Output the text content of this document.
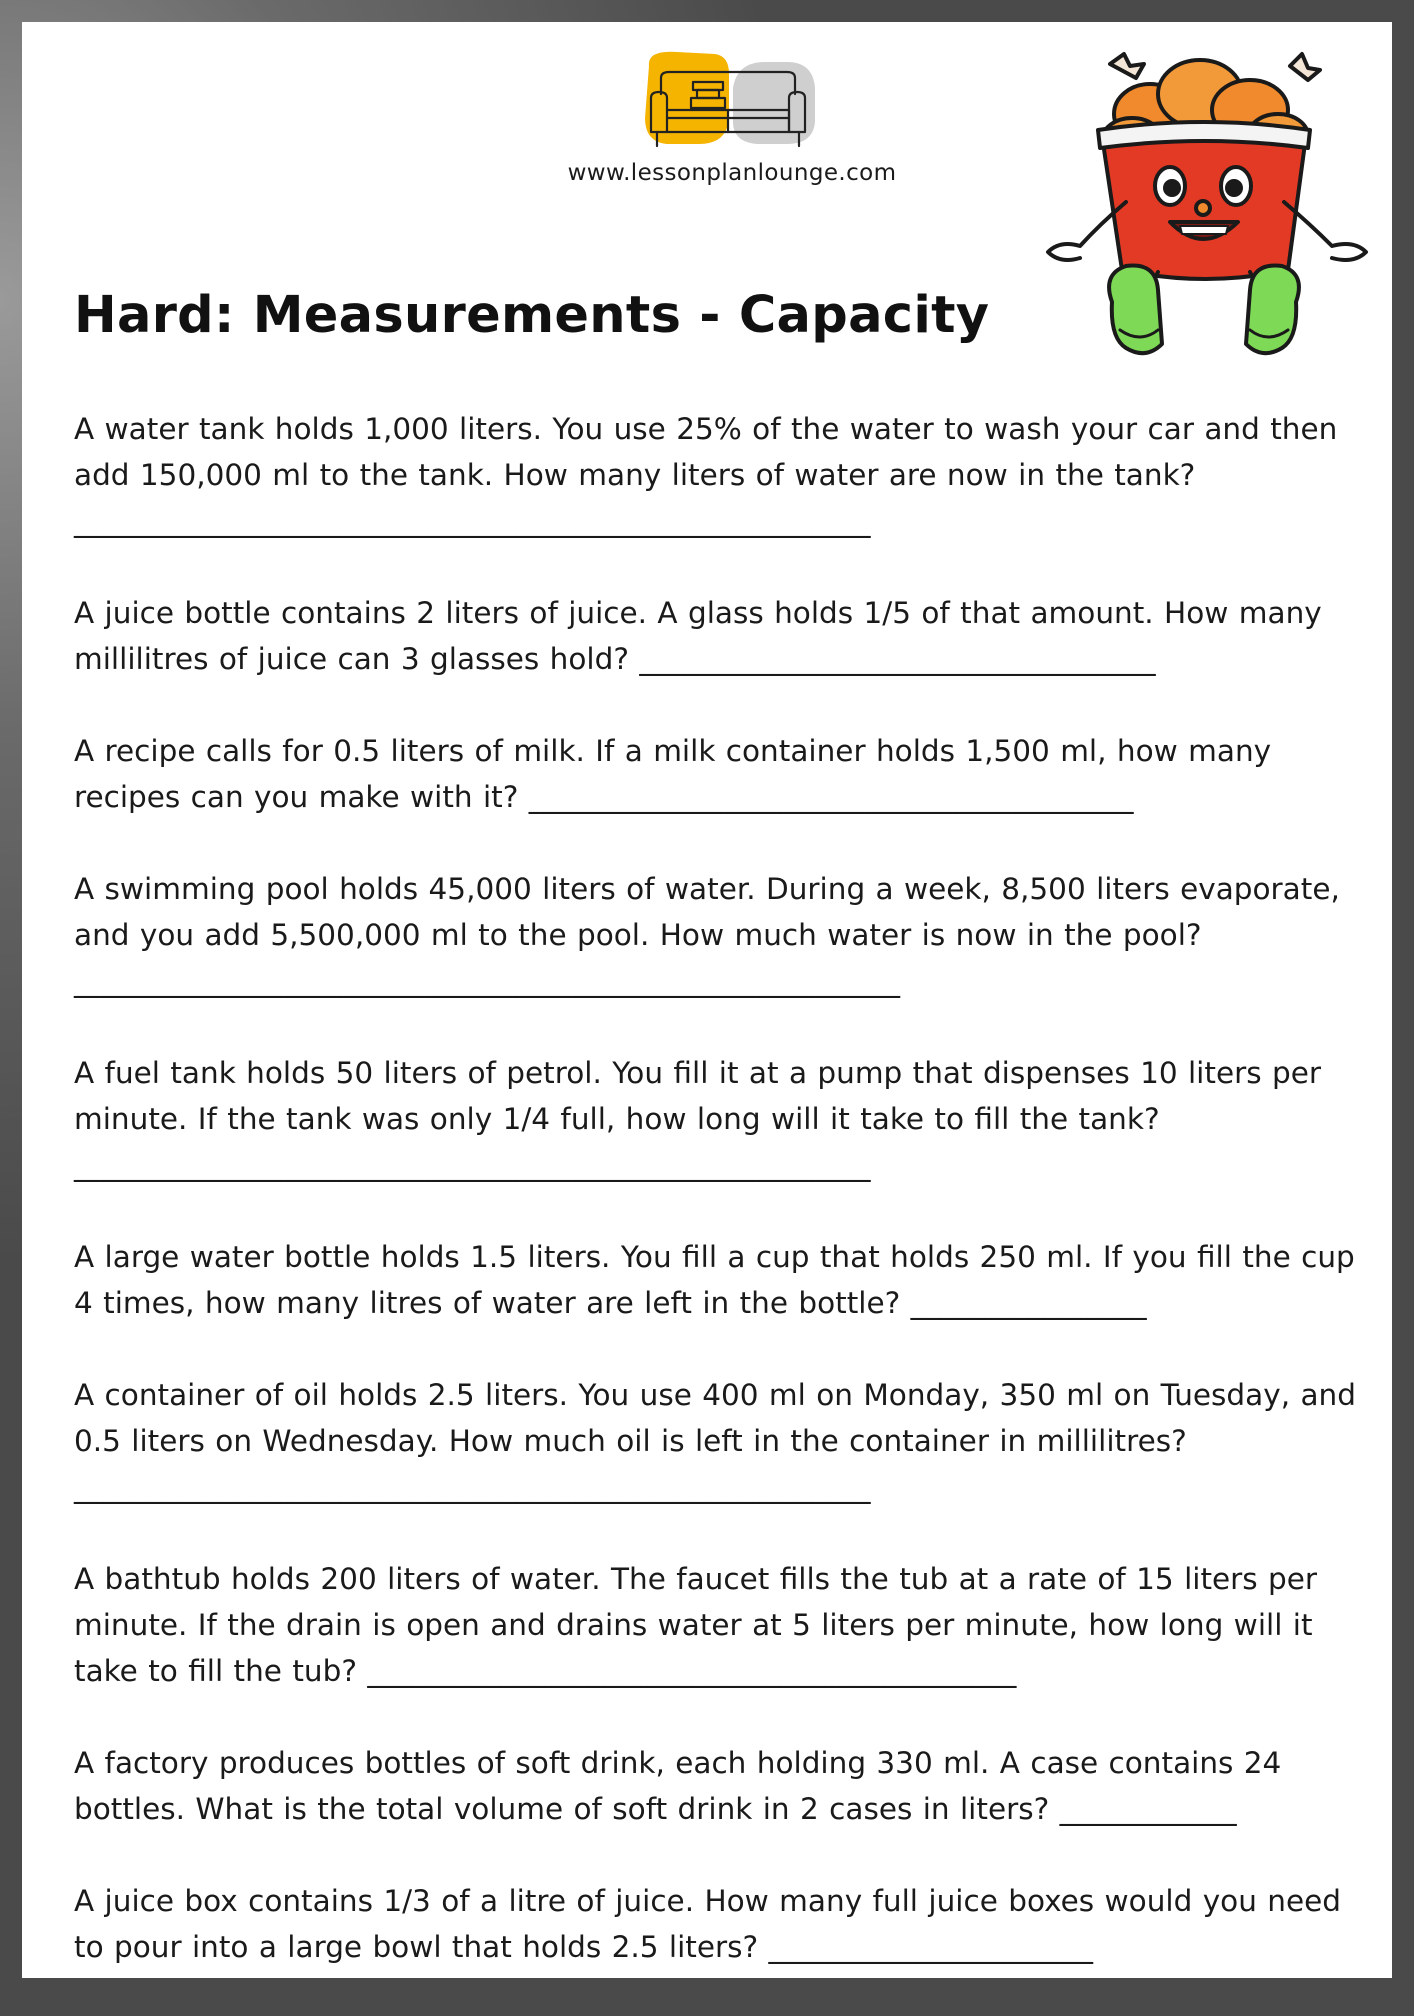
www.lessonplanlounge.com
Hard: Measurements - Capacity

A water tank holds 1,000 liters. You use 25% of the water to wash your car and then add 150,000 ml to the tank. How many liters of water are now in the tank?
______________________________________________________

A juice bottle contains 2 liters of juice. A glass holds 1/5 of that amount. How many millilitres of juice can 3 glasses hold? ___________________________________

A recipe calls for 0.5 liters of milk. If a milk container holds 1,500 ml, how many recipes can you make with it? _________________________________________

A swimming pool holds 45,000 liters of water. During a week, 8,500 liters evaporate, and you add 5,500,000 ml to the pool. How much water is now in the pool? ________________________________________________________

A fuel tank holds 50 liters of petrol. You fill it at a pump that dispenses 10 liters per minute. If the tank was only 1/4 full, how long will it take to fill the tank?
______________________________________________________

A large water bottle holds 1.5 liters. You fill a cup that holds 250 ml. If you fill the cup 4 times, how many litres of water are left in the bottle? ________________

A container of oil holds 2.5 liters. You use 400 ml on Monday, 350 ml on Tuesday, and 0.5 liters on Wednesday. How much oil is left in the container in millilitres?
______________________________________________________

A bathtub holds 200 liters of water. The faucet fills the tub at a rate of 15 liters per minute. If the drain is open and drains water at 5 liters per minute, how long will it take to fill the tub? ____________________________________________

A factory produces bottles of soft drink, each holding 330 ml. A case contains 24 bottles. What is the total volume of soft drink in 2 cases in liters? ____________

A juice box contains 1/3 of a litre of juice. How many full juice boxes would you need to pour into a large bowl that holds 2.5 liters? ______________________
